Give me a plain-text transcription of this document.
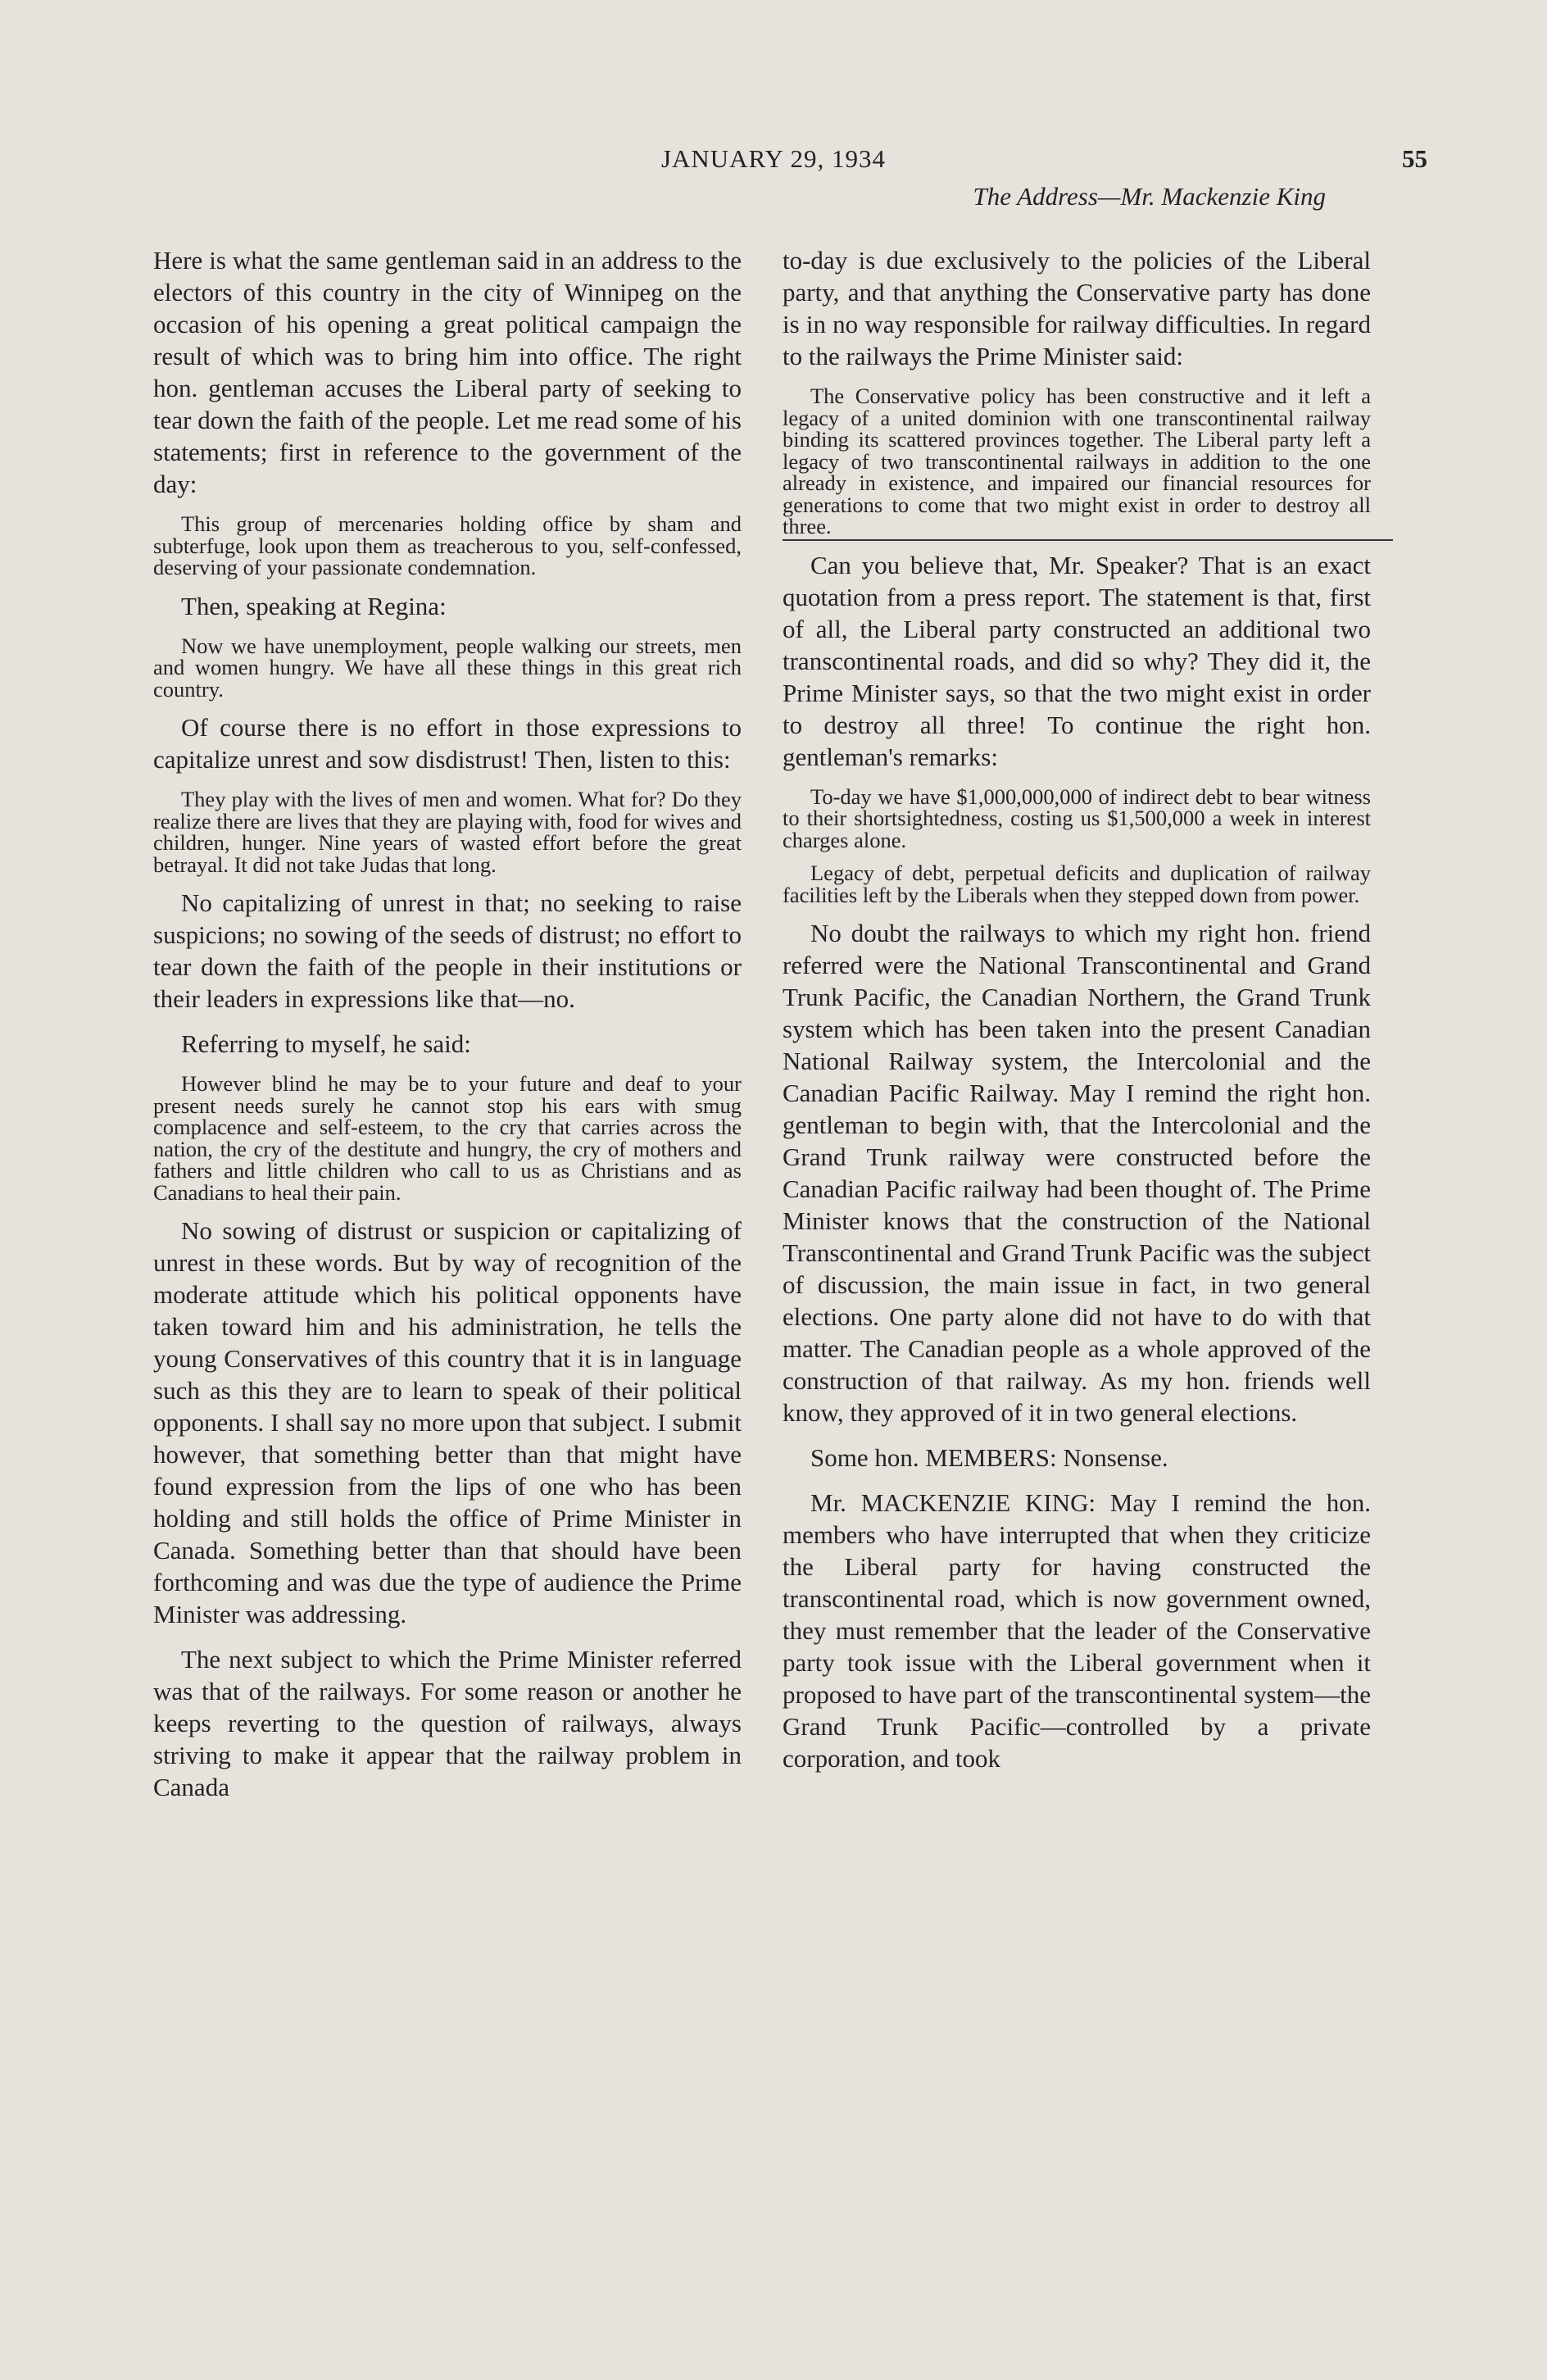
JANUARY 29, 1934	55
The Address—Mr. Mackenzie King

Here is what the same gentleman said in an address to the electors of this country in the city of Winnipeg on the occasion of his opening a great political campaign the result of which was to bring him into office. The right hon. gentleman accuses the Liberal party of seeking to tear down the faith of the people. Let me read some of his statements; first in reference to the government of the day:

This group of mercenaries holding office by sham and subterfuge, look upon them as treacherous to you, self-confessed, deserving of your passionate condemnation.

Then, speaking at Regina:

Now we have unemployment, people walking our streets, men and women hungry. We have all these things in this great rich country.

Of course there is no effort in those expressions to capitalize unrest and sow disdistrust! Then, listen to this:

They play with the lives of men and women. What for? Do they realize there are lives that they are playing with, food for wives and children, hunger. Nine years of wasted effort before the great betrayal. It did not take Judas that long.

No capitalizing of unrest in that; no seeking to raise suspicions; no sowing of the seeds of distrust; no effort to tear down the faith of the people in their institutions or their leaders in expressions like that—no.

Referring to myself, he said:

However blind he may be to your future and deaf to your present needs surely he cannot stop his ears with smug complacence and self-esteem, to the cry that carries across the nation, the cry of the destitute and hungry, the cry of mothers and fathers and little children who call to us as Christians and as Canadians to heal their pain.

No sowing of distrust or suspicion or capitalizing of unrest in these words. But by way of recognition of the moderate attitude which his political opponents have taken toward him and his administration, he tells the young Conservatives of this country that it is in language such as this they are to learn to speak of their political opponents. I shall say no more upon that subject. I submit however, that something better than that might have found expression from the lips of one who has been holding and still holds the office of Prime Minister in Canada. Something better than that should have been forthcoming and was due the type of audience the Prime Minister was addressing.

The next subject to which the Prime Minister referred was that of the railways. For some reason or another he keeps reverting to the question of railways, always striving to make it appear that the railway problem in Canada

to-day is due exclusively to the policies of the Liberal party, and that anything the Conservative party has done is in no way responsible for railway difficulties. In regard to the railways the Prime Minister said:

The Conservative policy has been constructive and it left a legacy of a united dominion with one transcontinental railway binding its scattered provinces together. The Liberal party left a legacy of two transcontinental railways in addition to the one already in existence, and impaired our financial resources for generations to come that two might exist in order to destroy all three.

Can you believe that, Mr. Speaker? That is an exact quotation from a press report. The statement is that, first of all, the Liberal party constructed an additional two transcontinental roads, and did so why? They did it, the Prime Minister says, so that the two might exist in order to destroy all three! To continue the right hon. gentleman's remarks:

To-day we have $1,000,000,000 of indirect debt to bear witness to their shortsightedness, costing us $1,500,000 a week in interest charges alone.

Legacy of debt, perpetual deficits and duplication of railway facilities left by the Liberals when they stepped down from power.

No doubt the railways to which my right hon. friend referred were the National Transcontinental and Grand Trunk Pacific, the Canadian Northern, the Grand Trunk system which has been taken into the present Canadian National Railway system, the Intercolonial and the Canadian Pacific Railway. May I remind the right hon. gentleman to begin with, that the Intercolonial and the Grand Trunk railway were constructed before the Canadian Pacific railway had been thought of. The Prime Minister knows that the construction of the National Transcontinental and Grand Trunk Pacific was the subject of discussion, the main issue in fact, in two general elections. One party alone did not have to do with that matter. The Canadian people as a whole approved of the construction of that railway. As my hon. friends well know, they approved of it in two general elections.

Some hon. MEMBERS: Nonsense.

Mr. MACKENZIE KING: May I remind the hon. members who have interrupted that when they criticize the Liberal party for having constructed the transcontinental road, which is now government owned, they must remember that the leader of the Conservative party took issue with the Liberal government when it proposed to have part of the transcontinental system—the Grand Trunk Pacific—controlled by a private corporation, and took
